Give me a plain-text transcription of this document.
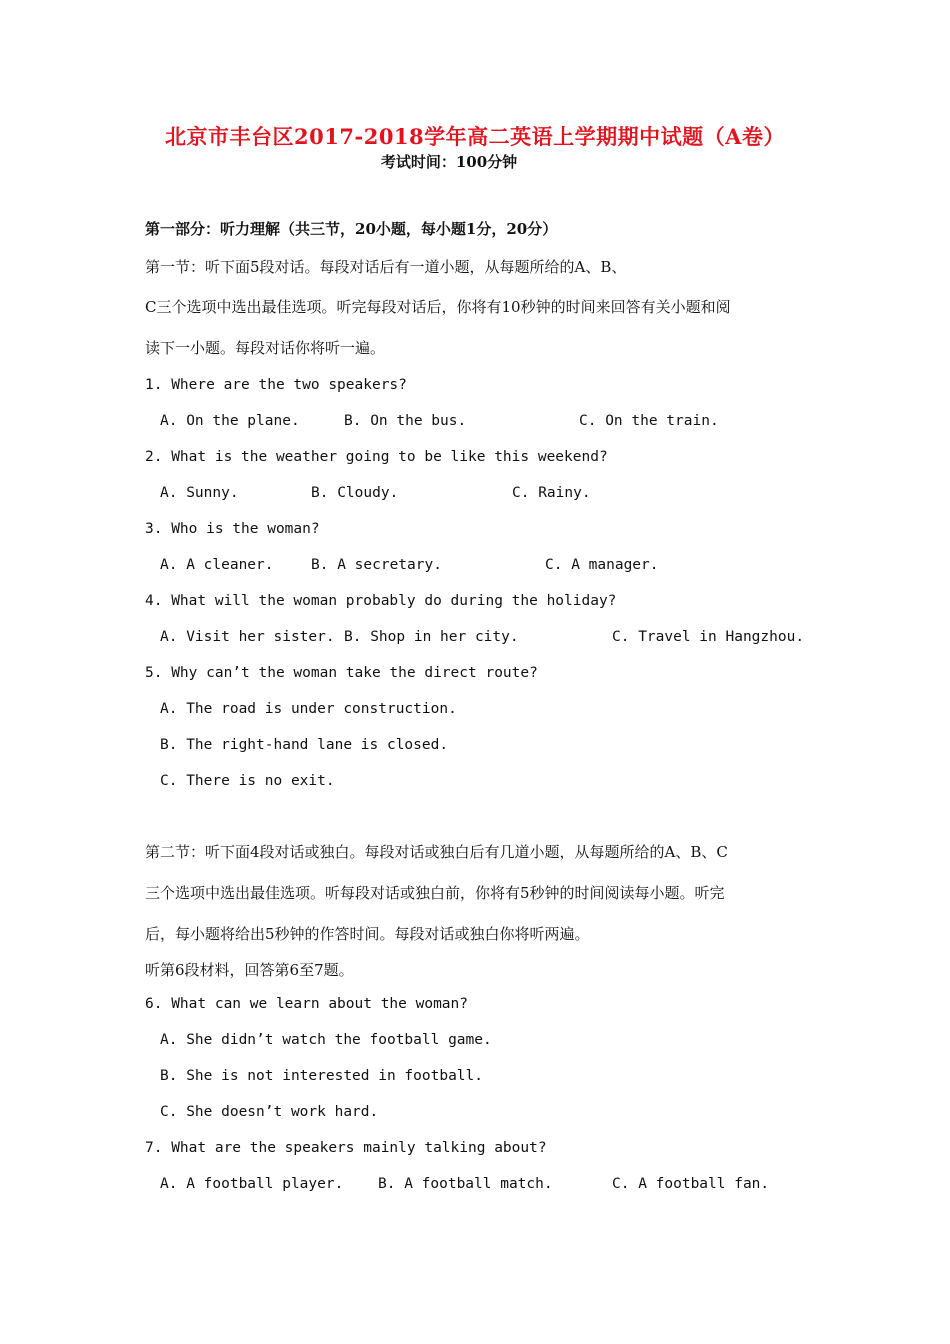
北京市丰台区2017-2018学年高二英语上学期期中试题（A卷）
考试时间：100分钟
第一部分：听力理解（共三节，20小题，每小题1分，20分）
第一节：听下面5段对话。每段对话后有一道小题，从每题所给的A、B、
C三个选项中选出最佳选项。听完每段对话后，你将有10秒钟的时间来回答有关小题和阅
读下一小题。每段对话你将听一遍。
1. Where are the two speakers?
A. On the plane.	B. On the bus.	C. On the train.
2. What is the weather going to be like this weekend?
A. Sunny.	B. Cloudy.	C. Rainy.
3. Who is the woman?
A. A cleaner.	B. A secretary.	C. A manager.
4. What will the woman probably do during the holiday?
A. Visit her sister. B. Shop in her city.	C. Travel in Hangzhou.
5. Why can’t the woman take the direct route?
A. The road is under construction.
B. The right-hand lane is closed.
C. There is no exit.
第二节：听下面4段对话或独白。每段对话或独白后有几道小题，从每题所给的A、B、C
三个选项中选出最佳选项。听每段对话或独白前，你将有5秒钟的时间阅读每小题。听完
后，每小题将给出5秒钟的作答时间。每段对话或独白你将听两遍。
听第6段材料，回答第6至7题。
6. What can we learn about the woman?
A. She didn’t watch the football game.
B. She is not interested in football.
C. She doesn’t work hard.
7. What are the speakers mainly talking about?
A. A football player. B. A football match.	C. A football fan.
